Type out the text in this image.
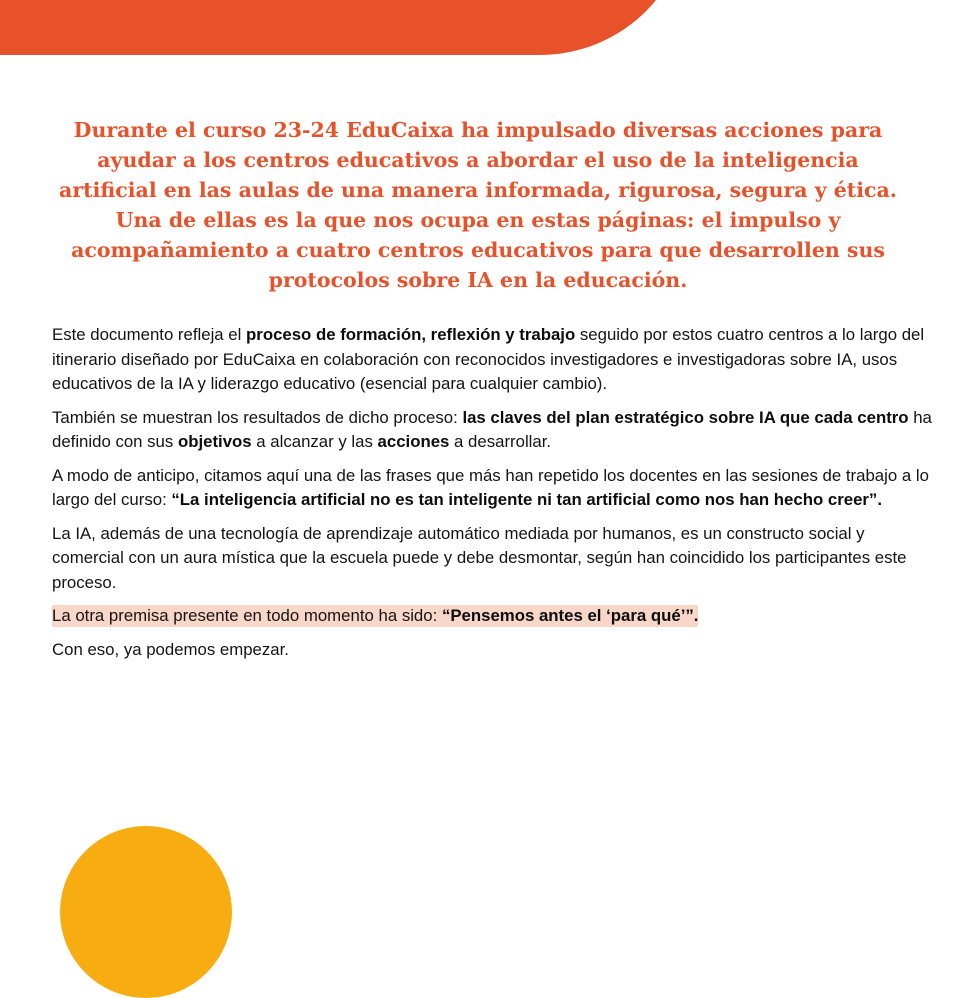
Durante el curso 23-24 EduCaixa ha impulsado diversas acciones para ayudar a los centros educativos a abordar el uso de la inteligencia artificial en las aulas de una manera informada, rigurosa, segura y ética. Una de ellas es la que nos ocupa en estas páginas: el impulso y acompañamiento a cuatro centros educativos para que desarrollen sus protocolos sobre IA en la educación.

Este documento refleja el proceso de formación, reflexión y trabajo seguido por estos cuatro centros a lo largo del itinerario diseñado por EduCaixa en colaboración con reconocidos investigadores e investigadoras sobre IA, usos educativos de la IA y liderazgo educativo (esencial para cualquier cambio).

También se muestran los resultados de dicho proceso: las claves del plan estratégico sobre IA que cada centro ha definido con sus objetivos a alcanzar y las acciones a desarrollar.

A modo de anticipo, citamos aquí una de las frases que más han repetido los docentes en las sesiones de trabajo a lo largo del curso: “La inteligencia artificial no es tan inteligente ni tan artificial como nos han hecho creer”.

La IA, además de una tecnología de aprendizaje automático mediada por humanos, es un constructo social y comercial con un aura mística que la escuela puede y debe desmontar, según han coincidido los participantes este proceso.

La otra premisa presente en todo momento ha sido: “Pensemos antes el ‘para qué’”.

Con eso, ya podemos empezar.
